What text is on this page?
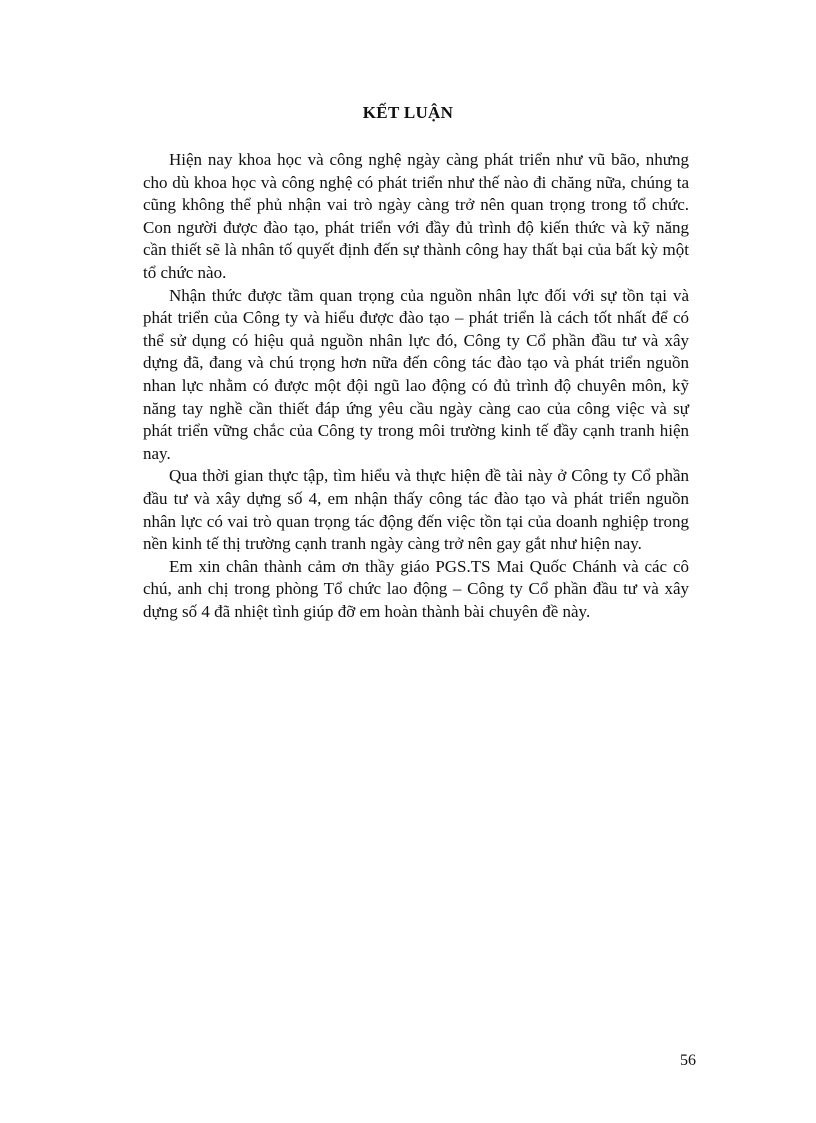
KẾT LUẬN

Hiện nay khoa học và công nghệ ngày càng phát triển như vũ bão, nhưng cho dù khoa học và công nghệ có phát triển như thế nào đi chăng nữa, chúng ta cũng không thể phủ nhận vai trò ngày càng trở nên quan trọng trong tổ chức. Con người được đào tạo, phát triển với đầy đủ trình độ kiến thức và kỹ năng cần thiết sẽ là nhân tố quyết định đến sự thành công hay thất bại của bất kỳ một tổ chức nào.

Nhận thức được tầm quan trọng của nguồn nhân lực đối với sự tồn tại và phát triển của Công ty và hiểu được đào tạo – phát triển là cách tốt nhất để có thể sử dụng có hiệu quả nguồn nhân lực đó, Công ty Cổ phần đầu tư và xây dựng đã, đang và chú trọng hơn nữa đến công tác đào tạo và phát triển nguồn nhan lực nhằm có được một đội ngũ lao động có đủ trình độ chuyên môn, kỹ năng tay nghề cần thiết đáp ứng yêu cầu ngày càng cao của công việc và sự phát triển vững chắc của Công ty trong môi trường kinh tế đầy cạnh tranh hiện nay.

Qua thời gian thực tập, tìm hiểu và thực hiện đề tài này ở Công ty Cổ phần đầu tư và xây dựng số 4, em nhận thấy công tác đào tạo và phát triển nguồn nhân lực có vai trò quan trọng tác động đến việc tồn tại của doanh nghiệp trong nền kinh tế thị trường cạnh tranh ngày càng trở nên gay gắt như hiện nay.

Em xin chân thành cảm ơn thầy giáo PGS.TS Mai Quốc Chánh và các cô chú, anh chị trong phòng Tổ chức lao động – Công ty Cổ phần đầu tư và xây dựng số 4 đã nhiệt tình giúp đỡ em hoàn thành bài chuyên đề này.

56
